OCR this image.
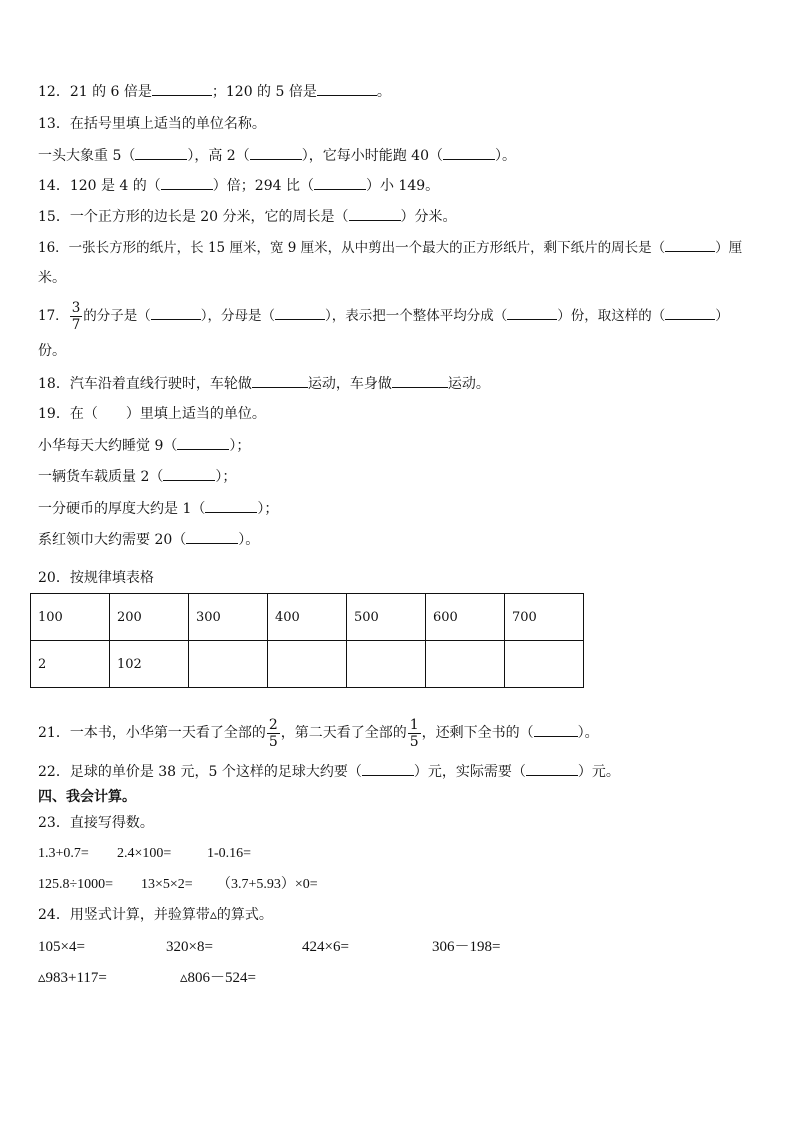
12．21 的 6 倍是	；120 的 5 倍是	。
13．在括号里填上适当的单位名称。
一头大象重 5（	），高 2（	），它每小时能跑 40（	）。
14．120 是 4 的（	）倍；294 比（	）小 149。
15．一个正方形的边长是 20 分米，它的周长是（	）分米。
16．一张长方形的纸片，长 15 厘米，宽 9 厘米，从中剪出一个最大的正方形纸片，剩下纸片的周长是（	）厘
米。
17． $\frac{3}{7}$ 的分子是（	），分母是（	），表示把一个整体平均分成（	）份，取这样的（	）
份。
18．汽车沿着直线行驶时，车轮做	运动，车身做	运动。
19．在（　　）里填上适当的单位。
小华每天大约睡觉 9（	）；
一辆货车载质量 2（	）；
一分硬币的厚度大约是 1（	）；
系红领巾大约需要 20（	）。
20．按规律填表格
100	200	300	400	500	600	700
2	102					
21．一本书，小华第一天看了全部的 $\frac{2}{5}$ ，第二天看了全部的 $\frac{1}{5}$ ，还剩下全书的（	）。
22．足球的单价是 38 元，5 个这样的足球大约要（	）元，实际需要（	）元。
四、我会计算。
23．直接写得数。
1.3+0.7= 2.4×100=	1-0.16=
125.8÷1000= 13×5×2= （3.7+5.93）×0=
24．用竖式计算，并验算带▵的算式。
105×4=	320×8=	424×6=	306－198=
▵983+117=	▵806－524=
